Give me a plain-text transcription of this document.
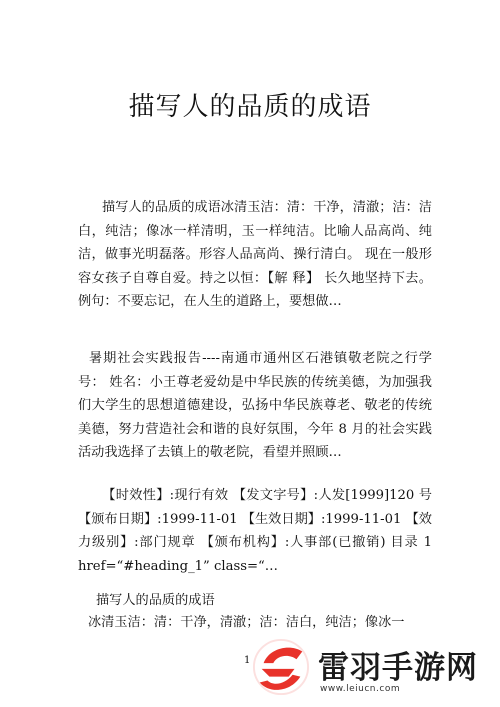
描写人的品质的成语
描写人的品质的成语冰清玉洁：清：干净，清澈；洁：洁白，纯洁；像冰一样清明，玉一样纯洁。比喻人品高尚、纯洁，做事光明磊落。形容人品高尚、操行清白。 现在一般形容女孩子自尊自爱。持之以恒：【解 释】 长久地坚持下去。例句：不要忘记，在人生的道路上，要想做…
暑期社会实践报告----南通市通州区石港镇敬老院之行学号： 姓名：小王尊老爱幼是中华民族的传统美德，为加强我们大学生的思想道德建设，弘扬中华民族尊老、敬老的传统美德，努力营造社会和谐的良好氛围，今年 8 月的社会实践活动我选择了去镇上的敬老院，看望并照顾…
【时效性】:现行有效 【发文字号】:人发[1999]120 号 【颁布日期】:1999-11-01 【生效日期】:1999-11-01 【效力级别】:部门规章 【颁布机构】:人事部(已撤销) 目录 1 href=“#heading_1” class=“…
描写人的品质的成语
冰清玉洁：清：干净，清澈；洁：洁白，纯洁；像冰一
1 雷羽手游网
www.leiucn.com
